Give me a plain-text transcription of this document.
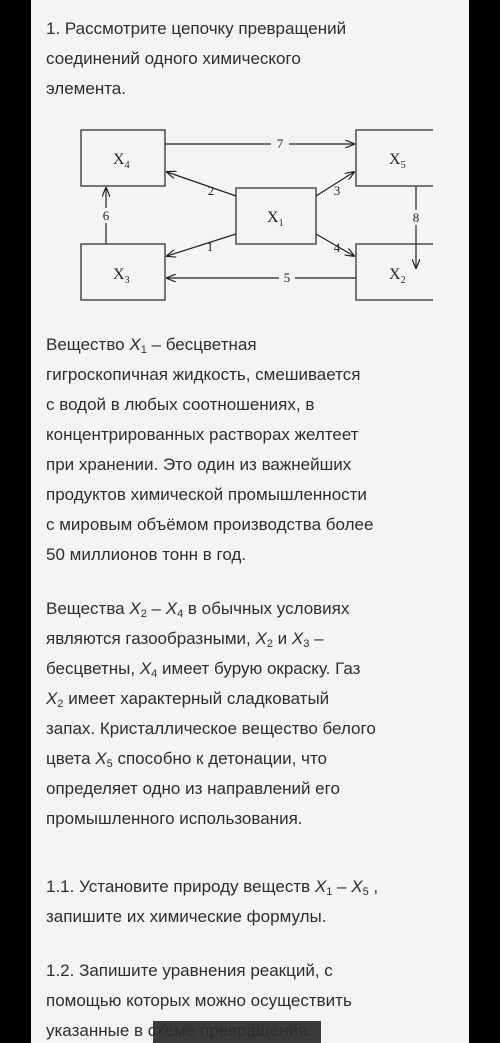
1. Рассмотрите цепочку превращений
соединений одного химического
элемента.
$X_4$	$X_5$
$X_1$
$X_3$	$X_2$
7
2	3
6	8
1	4
5
Вещество $X_1$ – бесцветная
гигроскопичная жидкость, смешивается
с водой в любых соотношениях, в
концентрированных растворах желтеет
при хранении. Это один из важнейших
продуктов химической промышленности
с мировым объёмом производства более
50 миллионов тонн в год.
Вещества $X_2 - X_4$ в обычных условиях
являются газообразными, $X_2$ и $X_3$ –
бесцветны, $X_4$ имеет бурую окраску. Газ
$X_2$ имеет характерный сладковатый
запах. Кристаллическое вещество белого
цвета $X_5$ способно к детонации, что
определяет одно из направлений его
промышленного использования.
1.1. Установите природу веществ $X_1 - X_5$ ,
запишите их химические формулы.
1.2. Запишите уравнения реакций, с
помощью которых можно осуществить
указанные в схеме превращения.
